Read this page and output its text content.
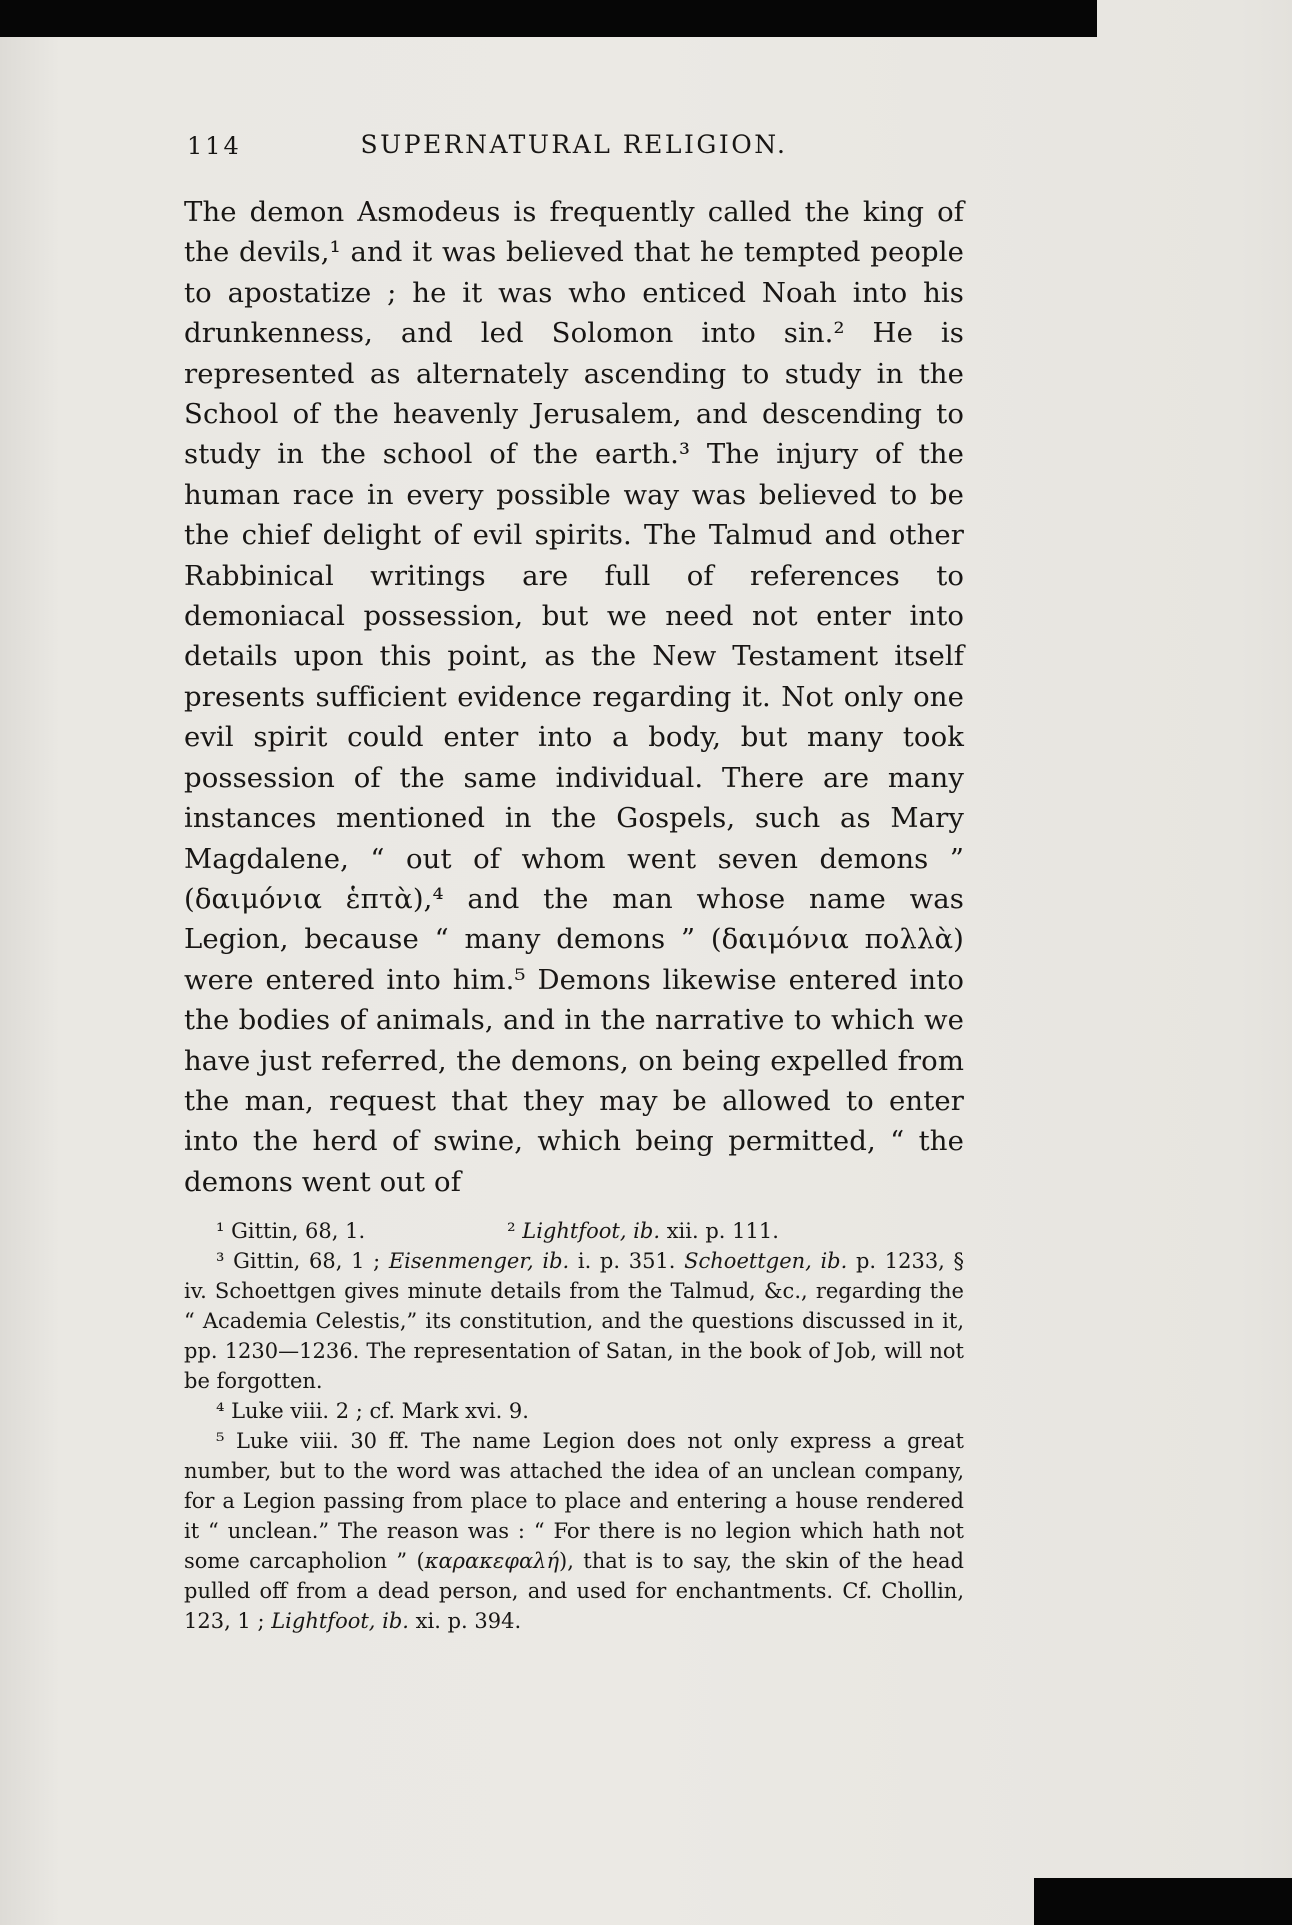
114	SUPERNATURAL RELIGION.

The demon Asmodeus is frequently called the king of the devils,¹ and it was believed that he tempted people to apostatize ; he it was who enticed Noah into his drunkenness, and led Solomon into sin.² He is represented as alternately ascending to study in the School of the heavenly Jerusalem, and descending to study in the school of the earth.³ The injury of the human race in every possible way was believed to be the chief delight of evil spirits. The Talmud and other Rabbinical writings are full of references to demoniacal possession, but we need not enter into details upon this point, as the New Testament itself presents sufficient evidence regarding it. Not only one evil spirit could enter into a body, but many took possession of the same individual. There are many instances mentioned in the Gospels, such as Mary Magdalene, “ out of whom went seven demons ” (δαιμόνια ἑπτὰ),⁴ and the man whose name was Legion, because “ many demons ” (δαιμόνια πολλὰ) were entered into him.⁵ Demons likewise entered into the bodies of animals, and in the narrative to which we have just referred, the demons, on being expelled from the man, request that they may be allowed to enter into the herd of swine, which being permitted, “ the demons went out of

¹ Gittin, 68, 1.	² Lightfoot, ib. xii. p. 111.

³ Gittin, 68, 1 ; Eisenmenger, ib. i. p. 351. Schoettgen, ib. p. 1233, § iv. Schoettgen gives minute details from the Talmud, &c., regarding the “ Academia Celestis,” its constitution, and the questions discussed in it, pp. 1230—1236. The representation of Satan, in the book of Job, will not be forgotten.

⁴ Luke viii. 2 ; cf. Mark xvi. 9.

⁵ Luke viii. 30 ff. The name Legion does not only express a great number, but to the word was attached the idea of an unclean company, for a Legion passing from place to place and entering a house rendered it “ unclean.” The reason was : “ For there is no legion which hath not some carcapholion ” (καρακεφαλή), that is to say, the skin of the head pulled off from a dead person, and used for enchantments. Cf. Chollin, 123, 1 ; Lightfoot, ib. xi. p. 394.
